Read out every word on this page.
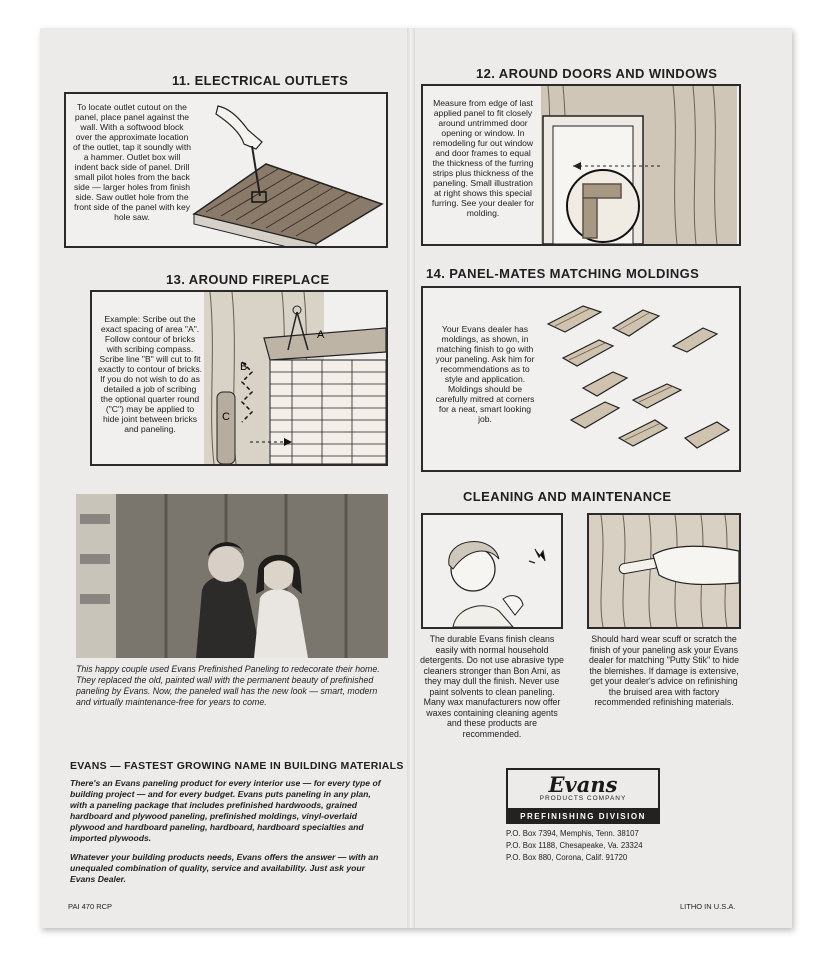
11. ELECTRICAL OUTLETS
To locate outlet cutout on the panel, place panel against the wall. With a softwood block over the approximate location of the outlet, tap it soundly with a hammer. Outlet box will indent back side of panel. Drill small pilot holes from the back side — larger holes from finish side. Saw outlet hole from the front side of the panel with key hole saw.
12. AROUND DOORS AND WINDOWS
Measure from edge of last applied panel to fit closely around untrimmed door opening or window. In remodeling fur out window and door frames to equal the thickness of the furring strips plus thickness of the paneling. Small illustration at right shows this special furring. See your dealer for molding.
13. AROUND FIREPLACE
Example: Scribe out the exact spacing of area "A". Follow contour of bricks with scribing compass. Scribe line "B" will cut to fit exactly to contour of bricks. If you do not wish to do as detailed a job of scribing the optional quarter round ("C") may be applied to hide joint between bricks and paneling.
A
B
C
14. PANEL-MATES MATCHING MOLDINGS
Your Evans dealer has moldings, as shown, in matching finish to go with your paneling. Ask him for recommendations as to style and application. Moldings should be carefully mitred at corners for a neat, smart looking job.
This happy couple used Evans Prefinished Paneling to redecorate their home. They replaced the old, painted wall with the permanent beauty of prefinished paneling by Evans. Now, the paneled wall has the new look — smart, modern and virtually maintenance-free for years to come.
EVANS — FASTEST GROWING NAME IN BUILDING MATERIALS
There's an Evans paneling product for every interior use — for every type of building project — and for every budget. Evans puts paneling in any plan, with a paneling package that includes prefinished hardwoods, grained hardboard and plywood paneling, prefinished moldings, vinyl-overlaid plywood and hardboard paneling, hardboard, hardboard specialties and imported plywoods.
Whatever your building products needs, Evans offers the answer — with an unequaled combination of quality, service and availability. Just ask your Evans Dealer.
CLEANING AND MAINTENANCE
The durable Evans finish cleans easily with normal household detergents. Do not use abrasive type cleaners stronger than Bon Ami, as they may dull the finish. Never use paint solvents to clean paneling. Many wax manufacturers now offer waxes containing cleaning agents and these products are recommended.
Should hard wear scuff or scratch the finish of your paneling ask your Evans dealer for matching "Putty Stik" to hide the blemishes. If damage is extensive, get your dealer's advice on refinishing the bruised area with factory recommended refinishing materials.
Evans
PRODUCTS COMPANY
PREFINISHING DIVISION
P.O. Box 7394, Memphis, Tenn. 38107
P.O. Box 1188, Chesapeake, Va. 23324
P.O. Box 880, Corona, Calif. 91720
PAI 470 RCP	LITHO IN U.S.A.
